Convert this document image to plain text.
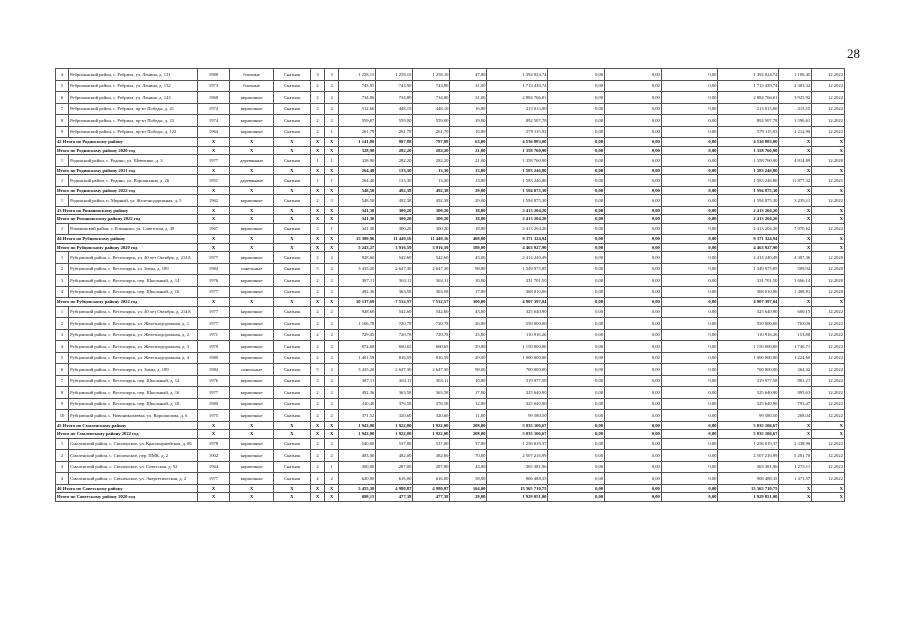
28
4	Ребрихинский район, с. Ребриха, ул. Ленина, д. 131	1988	блочные	Скатная	3	3	1 258,15	1 258,10	1 258,10	47,00	1 392 024,74	0,00	0,00	0,00	1 392 024,74	1 106,45	12.2022
5	Ребрихинский район, с. Ребриха, ул. Ленина, д. 132	1973	блочные	Скатная	2	2	743,95	743,90	743,90	31,00	1 713 439,74	0,00	0,00	0,00	1 713 439,74	2 303,32	12.2022
6	Ребрихинский район, с. Ребриха, ул. Ленина, д. 143	1968	кирпичные	Скатная	2	2	734,86	734,80	734,80	31,00	2 884 766,01	0,00	0,00	0,00	2 884 766,01	3 925,92	12.2022
7	Ребрихинский район, с. Ребриха, пр-кт Победы, д. 21	1974	кирпичные	Скатная	2	2	512,60	448,10	448,10	16,00	213 013,00	0,00	0,00	0,00	213 013,00	415,55	12.2022
8	Ребрихинский район, с. Ребриха, пр-кт Победы, д. 23	1974	кирпичные	Скатная	2	2	559,07	559,00	559,00	19,00	892 507,78	0,00	0,00	0,00	892 507,78	1 596,61	12.2022
9	Ребрихинский район, с. Ребриха, пр-кт Победы, д. 122	1964	кирпичные	Скатная	2	1	261,79	261,70	261,70	10,00	579 115,93	0,00	0,00	0,00	579 115,93	2 212,90	12.2022
42 Итого по Родинскому району		X	X	X	X	X	1 141,80	907,88	787,88	63,00	4 536 883,00	0,00	0,00	0,00	4 536 883,00	X	X
Итого по Родинскому району 2020 год		X	X	X	X	X	328,90	282,20	282,20	21,00	1 358 760,90	0,00	0,00	0,00	1 358 760,90	X	X
1	Родинский район, с. Родино, ул. Шевченко, д. 3	1977	деревянные	Скатная	1	1	328,90	282,20	282,20	21,00	1 358 760,90	0,00	0,00	0,00	1 358 760,90	4 814,89	12.2020
Итого по Родинскому району 2021 год		X	X	X	X	X	264,40	133,30	13,30	13,00	1 583 246,80	0,00	0,00	0,00	1 583 246,80	X	X
1	Родинский район, с. Родино, ул. Воронихина, д. 26	1951	деревянные	Скатная	1	1	264,40	133,30	13,30	13,00	1 583 246,80	0,00	0,00	0,00	1 583 246,80	11 877,32	12.2021
Итого по Родинскому району 2022 год		X	X	X	X	X	548,50	492,38	492,38	29,00	1 594 875,30	0,00	0,00	0,00	1 594 875,30	X	X
1	Родинский район, п. Мирный, ул. Железнодорожная, д. 5	1962	кирпичные	Скатная	2	3	548,50	492,38	492,38	29,00	1 594 875,30	0,00	0,00	0,00	1 594 875,30	3 239,11	12.2022
43 Итого по Романовскому району		X	X	X	X	X	341,30	300,20	300,20	18,00	2 413 204,20	0,00	0,00	0,00	2 413 204,20	X	X
Итого по Романовскому району 2022 год		X	X	X	X	X	341,30	300,20	300,20	18,00	2 413 204,20	0,00	0,00	0,00	2 413 204,20	X	X
1	Романовский район, с. Романово, ул. Советская, д. 49	1967	кирпичные	Скатная	2	1	341,30	300,20	300,20	18,00	2 413 204,20	0,00	0,00	0,00	2 413 204,20	7 070,62	12.2022
44 Итого по Рубцовскому району		X	X	X	X	X	15 380,96	11 449,16	11 449,16	468,00	9 371 324,94	0,00	0,00	0,00	9 371 324,94	X	X
Итого по Рубцовскому району 2020 год		X	X	X	X	X	5 243,27	3 916,59	3 916,59	180,00	4 463 927,90	0,00	0,00	0,00	4 463 927,90	X	X
1	Рубцовский район, с. Веселоярск, ул. 40 лет Октября, д. 214А	1977	кирпичные	Скатная	2	2	928,60	542,60	542,60	43,00	2 414 240,49	0,00	0,00	0,00	2 414 240,49	4 307,36	12.2020
2	Рубцовский район, с. Веселоярск, ул. Зимы, д. 189	1984	панельные	Скатная	5	2	3 435,20	2 647,30	2 647,30	98,00	1 349 975,85	0,00	0,00	0,00	1 349 975,85	509,94	12.2020
3	Рубцовский район, с. Веселоярск, пер. Школьный, д. 14	1976	кирпичные	Скатная	2	2	387,11	363,11	363,11	10,00	331 701,50	0,00	0,00	0,00	331 701,50	1 666,14	12.2020
4	Рубцовский район, с. Веселоярск, пер. Школьный, д. 16	1977	кирпичные	Скатная	2	2	492,36	363,58	363,58	17,00	368 010,06	0,00	0,00	0,00	368 010,06	1 408,81	12.2020
Итого по Рубцовскому району 2022 год		X	X	X	X	X	10 137,69	7 532,57	7 532,57	300,00	4 907 397,04	0,00	0,00	0,00	4 907 397,04	X	X
1	Рубцовский район, с. Веселоярск, ул. 40 лет Октября, д. 214А	1977	кирпичные	Скатная	2	2	928,60	542,60	542,60	43,00	325 640,90	0,00	0,00	0,00	325 640,90	600,15	12.2022
2	Рубцовский район, с. Веселоярск, ул. Железнодорожная, д. 1	1977	кирпичные	Скатная	2	2	1 106,78	720,78	720,78	26,00	550 000,00	0,00	0,00	0,00	550 000,00	763,06	12.2022
3	Рубцовский район, с. Веселоярск, ул. Железнодорожная, д. 2	1971	кирпичные	Скатная	2	2	729,45	720,78	720,78	25,00	110 916,26	0,00	0,00	0,00	110 916,26	153,88	12.2022
4	Рубцовский район, с. Веселоярск, ул. Железнодорожная, д. 3	1979	кирпичные	Скатная	2	2	874,68	660,65	660,65	29,00	1 150 000,00	0,00	0,00	0,00	1 150 000,00	1 740,71	12.2022
5	Рубцовский район, с. Веселоярск, ул. Железнодорожная, д. 4	1980	кирпичные	Скатная	2	2	1 401,59	816,59	816,59	29,00	1 000 000,00	0,00	0,00	0,00	1 000 000,00	1 224,60	12.2022
6	Рубцовский район, с. Веселоярск, ул. Зимы, д. 189	1984	панельные	Скатная	5	2	3 435,20	2 647,30	2 647,30	98,00	700 000,00	0,00	0,00	0,00	700 000,00	264,42	12.2022
7	Рубцовский район, с. Веселоярск, пер. Школьный, д. 14	1976	кирпичные	Скатная	2	2	387,11	363,11	363,11	10,00	319 977,58	0,00	0,00	0,00	319 977,58	881,21	12.2022
8	Рубцовский район, с. Веселоярск, пер. Школьный, д. 16	1977	кирпичные	Скатная	2	2	492,36	363,58	363,58	17,00	325 640,90	0,00	0,00	0,00	325 640,90	895,63	12.2022
9	Рубцовский район, с. Веселоярск, пер. Школьный, д. 18	1980	кирпичные	Скатная	2	2	410,40	376,58	376,58	12,00	325 640,90	0,00	0,00	0,00	325 640,90	793,47	12.2022
10	Рубцовский район, с. Новониколаевка, ул. Ворошилова, д. 6	1975	кирпичные	Скатная	2	2	371,52	320,60	320,60	11,00	99 580,50	0,00	0,00	0,00	99 580,50	268,04	12.2022
45 Итого по Смоленскому району		X	X	X	X	X	1 943,00	1 922,00	1 922,00	208,00	5 035 106,67	0,00	0,00	0,00	5 035 106,67	X	X
Итого по Смоленскому району 2022 год		X	X	X	X	X	1 943,00	1 922,00	1 922,00	208,00	5 035 106,67	0,00	0,00	0,00	5 035 106,67	X	X
1	Смоленский район, с. Смоленское, ул. Красноармейская, д. 86	1978	кирпичные	Скатная	2	2	540,00	537,00	537,00	37,00	1 256 019,37	0,00	0,00	0,00	1 256 019,37	2 338,96	12.2022
2	Смоленский район, с. Смоленское, пер. ПМК, д. 2	1902	кирпичные	Скатная	2	2	483,00	482,00	482,00	70,00	2 507 216,99	0,00	0,00	0,00	2 507 216,99	5 201,70	12.2022
3	Смоленский район, с. Смоленское, ул. Советская, д. 92	1964	кирпичные	Скатная	2	1	300,00	287,00	287,00	43,00	365 381,96	0,00	0,00	0,00	365 381,96	1 273,11	12.2022
4	Смоленский район, с. Смоленское, ул. Энергетическая, д. 2	1977	кирпичные	Скатная	2	2	620,00	616,00	616,00	58,00	906 488,35	0,00	0,00	0,00	906 488,35	1 471,57	12.2022
46 Итого по Советскому району		X	X	X	X	X	5 455,39	4 980,87	4 980,87	164,00	15 365 710,75	0,00	0,00	0,00	15 365 710,75	X	X
Итого по Советскому району 2020 год		X	X	X	X	X	698,15	477,38	477,38	29,00	1 929 051,00	0,00	0,00	0,00	1 929 051,00	X	X
